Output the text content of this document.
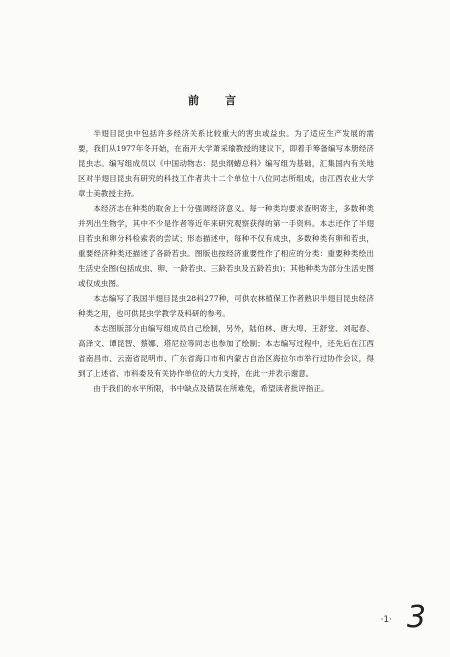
前言

半翅目昆虫中包括许多经济关系比较重大的害虫或益虫。为了适应生产发展的需要，我们从1977年冬开始，在南开大学萧采瑜教授的建议下，即着手筹备编写本册经济昆虫志。编写组成员以《中国动物志：昆虫纲蝽总科》编写组为基础，汇集国内有关地区对半翅目昆虫有研究的科技工作者共十二个单位十八位同志所组成，由江西农业大学章士美教授主持。

本经济志在种类的取舍上十分强调经济意义。每一种类均要求查明寄主，多数种类并列出生物学，其中不少是作者等近年来研究观察获得的第一手资料。本志还作了半翅目若虫和卵分科检索表的尝试；形态描述中，每种不仅有成虫，多数种类有卵和若虫，重要经济种类还描述了各龄若虫。图版也按经济重要性作了相应的分类：重要种类绘出生活史全图(包括成虫、卵、一龄若虫、三龄若虫及五龄若虫)；其他种类为部分生活史图或仅成虫图。

本志编写了我国半翅目昆虫28科277种，可供农林植保工作者熟识半翅目昆虫经济种类之用，也可供昆虫学教学及科研的参考。

本志图版部分由编写组成员自己绘制，另外，陆伯林、唐大埠、王舒堂、刘起春、高泽文、谭昆智、蔡娜、塔尼拉等同志也参加了绘制；本志编写过程中，还先后在江西省南昌市、云南省昆明市、广东省海口市和内蒙古自治区海拉尔市举行过协作会议，得到了上述省、市科委及有关协作单位的大力支持，在此一并表示谢意。

由于我们的水平所限，书中缺点及错误在所难免，希望读者批评指正。

·1· 3
